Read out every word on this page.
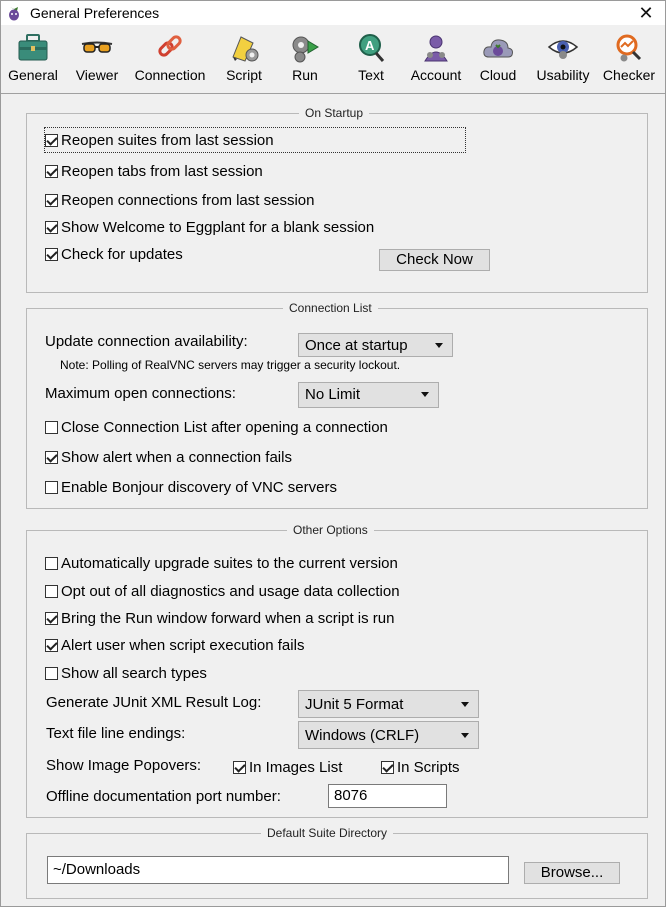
General Preferences	✕
General	Viewer	Connection	Script	Run
A
Text	Account	Cloud	Usability Checker
On Startup
Reopen suites from last session
Reopen tabs from last session
Reopen connections from last session
Show Welcome to Eggplant for a blank session
Check for updates	Check Now
Connection List
Update connection availability:	Once at startup
Note: Polling of RealVNC servers may trigger a security lockout.
Maximum open connections:	No Limit
Close Connection List after opening a connection
Show alert when a connection fails
Enable Bonjour discovery of VNC servers
Other Options
Automatically upgrade suites to the current version
Opt out of all diagnostics and usage data collection
Bring the Run window forward when a script is run
Alert user when script execution fails
Show all search types
Generate JUnit XML Result Log:	JUnit 5 Format
Text file line endings:	Windows (CRLF)
Show Image Popovers:	In Images List	In Scripts
Offline documentation port number:	8076
Default Suite Directory
~/Downloads	Browse...
